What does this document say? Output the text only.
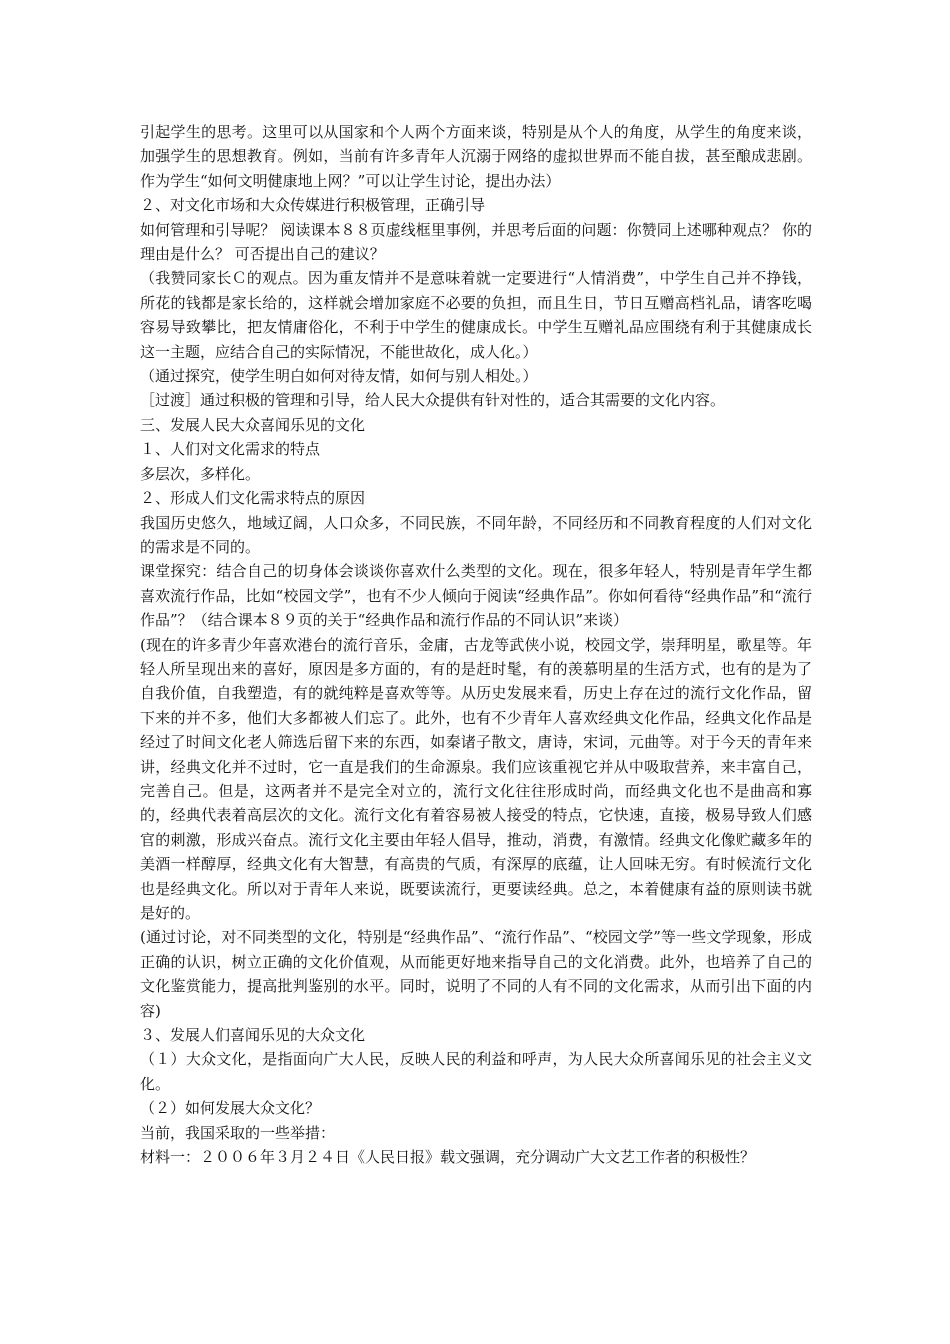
引起学生的思考。这里可以从国家和个人两个方面来谈，特别是从个人的角度，从学生的角度来谈，加强学生的思想教育。例如，当前有许多青年人沉溺于网络的虚拟世界而不能自拔，甚至酿成悲剧。作为学生“如何文明健康地上网？”可以让学生讨论，提出办法）

２、对文化市场和大众传媒进行积极管理，正确引导

如何管理和引导呢？ 阅读课本８８页虚线框里事例，并思考后面的问题：你赞同上述哪种观点？ 你的理由是什么？ 可否提出自己的建议？

（我赞同家长Ｃ的观点。因为重友情并不是意味着就一定要进行“人情消费”，中学生自己并不挣钱，所花的钱都是家长给的，这样就会增加家庭不必要的负担，而且生日，节日互赠高档礼品，请客吃喝容易导致攀比，把友情庸俗化，不利于中学生的健康成长。中学生互赠礼品应围绕有利于其健康成长这一主题，应结合自己的实际情况，不能世故化，成人化。）

（通过探究，使学生明白如何对待友情，如何与别人相处。）

［过渡］通过积极的管理和引导，给人民大众提供有针对性的，适合其需要的文化内容。

三、发展人民大众喜闻乐见的文化

１、人们对文化需求的特点

多层次，多样化。

２、形成人们文化需求特点的原因

我国历史悠久，地域辽阔，人口众多，不同民族，不同年龄，不同经历和不同教育程度的人们对文化的需求是不同的。

课堂探究：结合自己的切身体会谈谈你喜欢什么类型的文化。现在，很多年轻人，特别是青年学生都喜欢流行作品，比如“校园文学”，也有不少人倾向于阅读“经典作品”。你如何看待“经典作品”和“流行作品”？（结合课本８９页的关于“经典作品和流行作品的不同认识”来谈）

(现在的许多青少年喜欢港台的流行音乐，金庸，古龙等武侠小说，校园文学，崇拜明星，歌星等。年轻人所呈现出来的喜好，原因是多方面的，有的是赶时髦，有的羡慕明星的生活方式，也有的是为了自我价值，自我塑造，有的就纯粹是喜欢等等。从历史发展来看，历史上存在过的流行文化作品，留下来的并不多，他们大多都被人们忘了。此外，也有不少青年人喜欢经典文化作品，经典文化作品是经过了时间文化老人筛选后留下来的东西，如秦诸子散文，唐诗，宋词，元曲等。对于今天的青年来讲，经典文化并不过时，它一直是我们的生命源泉。我们应该重视它并从中吸取营养，来丰富自己，完善自己。但是，这两者并不是完全对立的，流行文化往往形成时尚，而经典文化也不是曲高和寡的，经典代表着高层次的文化。流行文化有着容易被人接受的特点，它快速，直接，极易导致人们感官的刺激，形成兴奋点。流行文化主要由年轻人倡导，推动，消费，有激情。经典文化像贮藏多年的美酒一样醇厚，经典文化有大智慧，有高贵的气质，有深厚的底蕴，让人回味无穷。有时候流行文化也是经典文化。所以对于青年人来说，既要读流行，更要读经典。总之，本着健康有益的原则读书就是好的。

(通过讨论，对不同类型的文化，特别是“经典作品”、“流行作品”、“校园文学”等一些文学现象，形成正确的认识，树立正确的文化价值观，从而能更好地来指导自己的文化消费。此外，也培养了自己的文化鉴赏能力，提高批判鉴别的水平。同时，说明了不同的人有不同的文化需求，从而引出下面的内容)

３、发展人们喜闻乐见的大众文化

（１）大众文化，是指面向广大人民，反映人民的利益和呼声，为人民大众所喜闻乐见的社会主义文化。

（２）如何发展大众文化？

当前，我国采取的一些举措：

材料一：２００６年３月２４日《人民日报》载文强调，充分调动广大文艺工作者的积极性？
